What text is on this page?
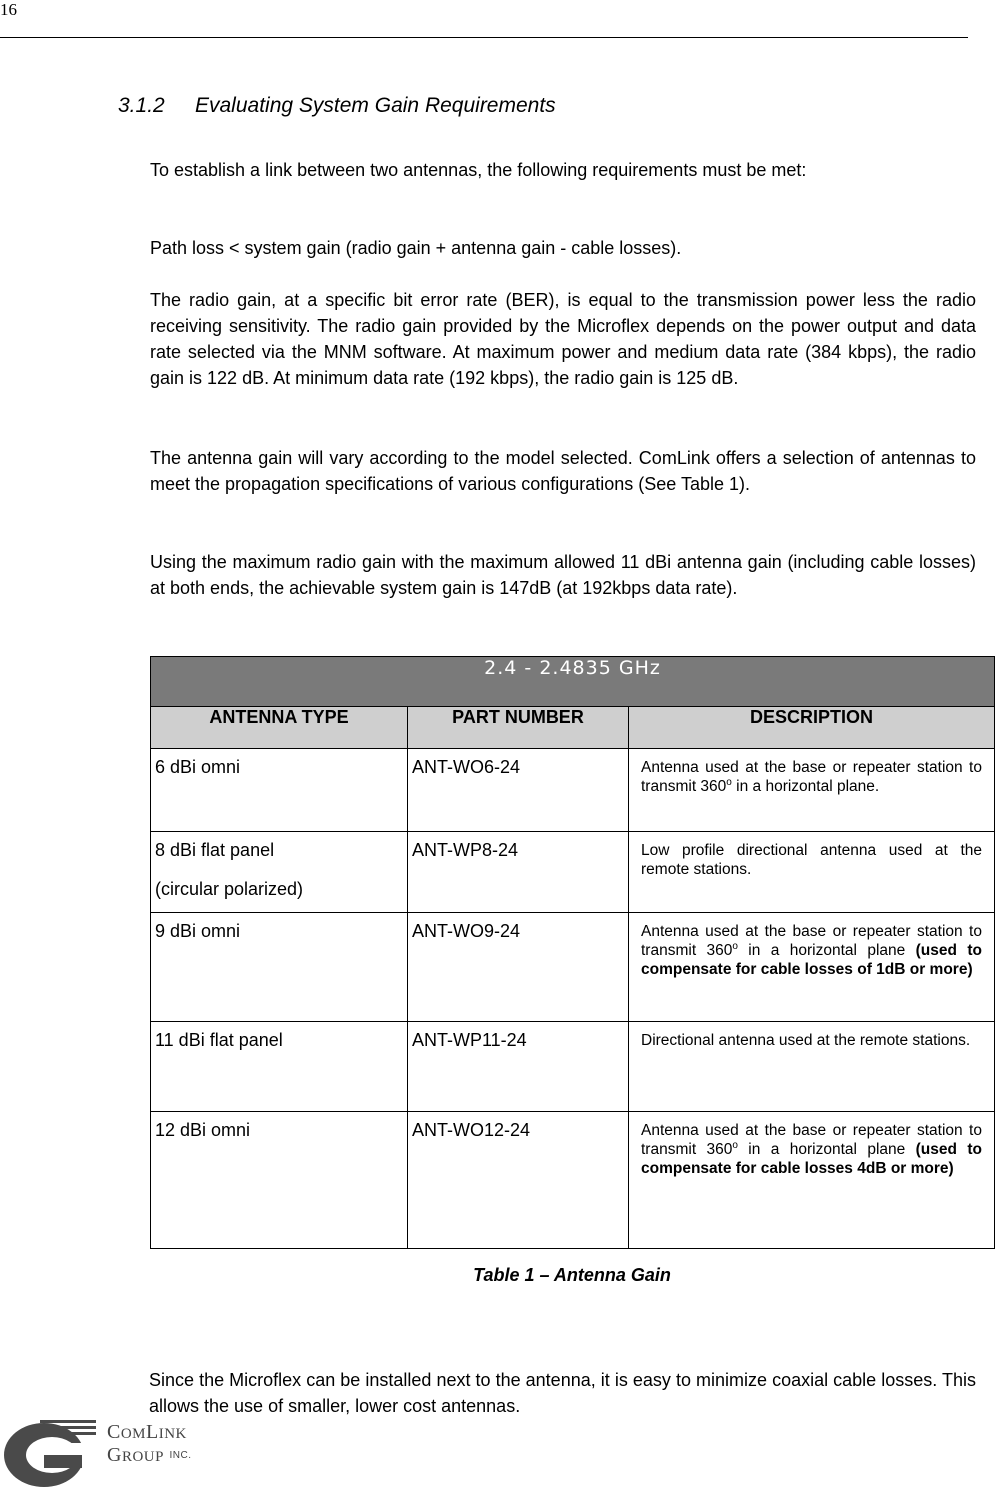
16
3.1.2 Evaluating System Gain Requirements

To establish a link between two antennas, the following requirements must be met:

Path loss < system gain (radio gain + antenna gain - cable losses).

The radio gain, at a specific bit error rate (BER), is equal to the transmission power less the radio receiving sensitivity. The radio gain provided by the Microflex depends on the power output and data rate selected via the MNM software. At maximum power and medium data rate (384 kbps), the radio gain is 122 dB. At minimum data rate (192 kbps), the radio gain is 125 dB.

The antenna gain will vary according to the model selected. ComLink offers a selection of antennas to meet the propagation specifications of various configurations (See Table 1).

Using the maximum radio gain with the maximum allowed 11 dBi antenna gain (including cable losses) at both ends, the achievable system gain is 147dB (at 192kbps data rate).

2.4 - 2.4835 GHz		
ANTENNA TYPE	PART NUMBER	DESCRIPTION
6 dBi omni	ANT-WO6-24	Antenna used at the base or repeater station to transmit 360$^o$ in a horizontal plane.
8 dBi flat panel
(circular polarized)	ANT-WP8-24	Low profile directional antenna used at the remote stations.
9 dBi omni	ANT-WO9-24	Antenna used at the base or repeater station to transmit 360$^o$ in a horizontal plane (used to compensate for cable losses of 1dB or more)
11 dBi flat panel	ANT-WP11-24	Directional antenna used at the remote stations.
12 dBi omni	ANT-WO12-24	Antenna used at the base or repeater station to transmit 360$^o$ in a horizontal plane (used to compensate for cable losses 4dB or more)

Table 1 – Antenna Gain

Since the Microflex can be installed next to the antenna, it is easy to minimize coaxial cable losses. This allows the use of smaller, lower cost antennas.

COMLINK
GROUP $^{INC.}$
